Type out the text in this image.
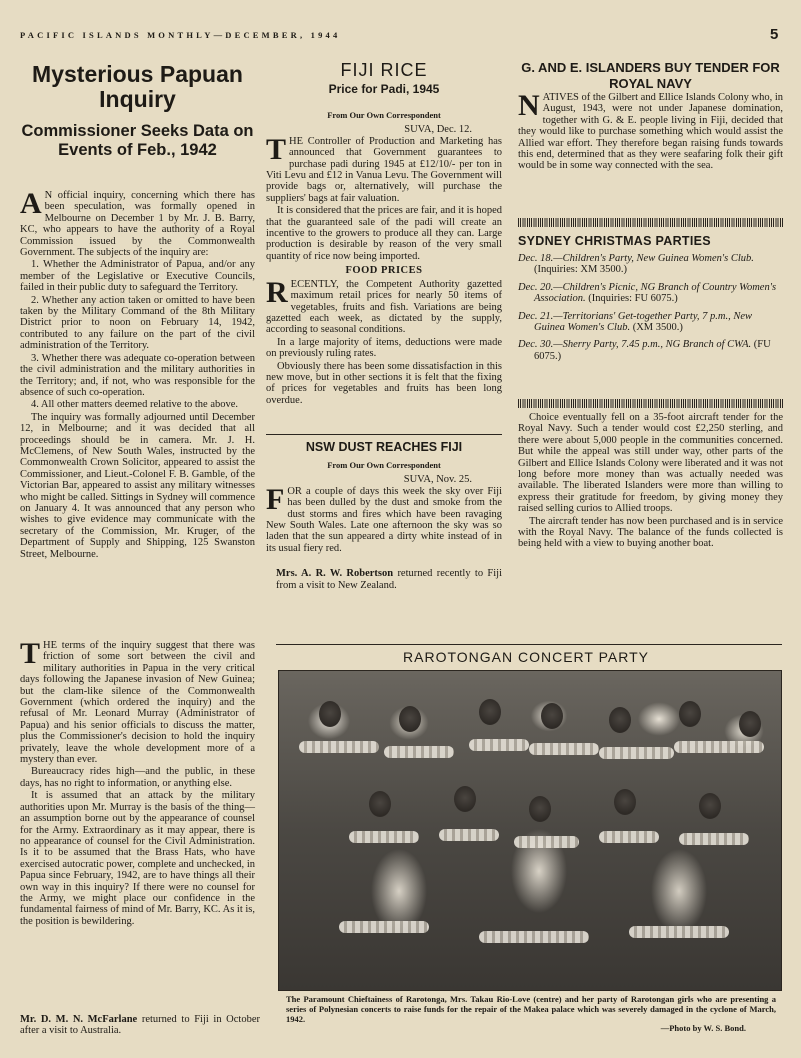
PACIFIC ISLANDS MONTHLY—DECEMBER, 1944	5
Mysterious Papuan Inquiry
Commissioner Seeks Data on Events of Feb., 1942

A N official inquiry, concerning which there has been speculation, was formally opened in Melbourne on December 1 by Mr. J. B. Barry, KC, who appears to have the authority of a Royal Commission issued by the Commonwealth Government. The subjects of the inquiry are:

1. Whether the Administrator of Papua, and/or any member of the Legislative or Executive Councils, failed in their public duty to safeguard the Territory.

2. Whether any action taken or omitted to have been taken by the Military Command of the 8th Military District prior to noon on February 14, 1942, contributed to any failure on the part of the civil administration of the Territory.

3. Whether there was adequate co-operation between the civil administration and the military authorities in the Territory; and, if not, who was responsible for the absence of such co-operation.

4. All other matters deemed relative to the above.

The inquiry was formally adjourned until December 12, in Melbourne; and it was decided that all proceedings should be in camera. Mr. J. H. McClemens, of New South Wales, instructed by the Commonwealth Crown Solicitor, appeared to assist the Commissioner, and Lieut.-Colonel F. B. Gamble, of the Victorian Bar, appeared to assist any military witnesses who might be called. Sittings in Sydney will commence on January 4. It was announced that any person who wishes to give evidence may communicate with the secretary of the Commission, Mr. Kruger, of the Department of Supply and Shipping, 125 Swanston Street, Melbourne.

THE terms of the inquiry suggest that there was friction of some sort between the civil and military authorities in Papua in the very critical days following the Japanese invasion of New Guinea; but the clam-like silence of the Commonwealth Government (which ordered the inquiry) and the refusal of Mr. Leonard Murray (Administrator of Papua) and his senior officials to discuss the matter, plus the Commissioner's decision to hold the inquiry privately, leave the whole development more of a mystery than ever.

Bureaucracy rides high—and the public, in these days, has no right to information, or anything else.

It is assumed that an attack by the military authorities upon Mr. Murray is the basis of the thing—an assumption borne out by the appearance of counsel for the Army. Extraordinary as it may appear, there is no appearance of counsel for the Civil Administration. Is it to be assumed that the Brass Hats, who have exercised autocratic power, complete and unchecked, in Papua since February, 1942, are to have things all their own way in this inquiry? If there were no counsel for the Army, we might place our confidence in the fundamental fairness of mind of Mr. Barry, KC. As it is, the position is bewildering.

Mr. D. M. N. McFarlane returned to Fiji in October after a visit to Australia.
FIJI RICE
Price for Padi, 1945
From Our Own Correspondent
SUVA, Dec. 12.

THE Controller of Production and Marketing has announced that Government guarantees to purchase padi during 1945 at £12/10/- per ton in Viti Levu and £12 in Vanua Levu. The Government will provide bags or, alternatively, will purchase the suppliers' bags at fair valuation.

It is considered that the prices are fair, and it is hoped that the guaranteed sale of the padi will create an incentive to the growers to produce all they can. Large production is desirable by reason of the very small quantity of rice now being imported.

FOOD PRICES

RECENTLY, the Competent Authority gazetted maximum retail prices for nearly 50 items of vegetables, fruits and fish. Variations are being gazetted each week, as dictated by the supply, according to seasonal conditions.

In a large majority of items, deductions were made on previously ruling rates.

Obviously there has been some dissatisfaction in this new move, but in other sections it is felt that the fixing of prices for vegetables and fruits has been long overdue.

NSW DUST REACHES FIJI
From Our Own Correspondent
SUVA, Nov. 25.

FOR a couple of days this week the sky over Fiji has been dulled by the dust and smoke from the dust storms and fires which have been ravaging New South Wales. Late one afternoon the sky was so laden that the sun appeared a dirty white instead of in its usual fiery red.

Mrs. A. R. W. Robertson returned recently to Fiji from a visit to New Zealand.

G. AND E. ISLANDERS BUY TENDER FOR ROYAL NAVY

NATIVES of the Gilbert and Ellice Islands Colony who, in August, 1943, were not under Japanese domination, together with G. & E. people living in Fiji, decided that they would like to purchase something which would assist the Allied war effort. They therefore began raising funds towards this end, determined that as they were seafaring folk their gift would be in some way connected with the sea.

SYDNEY CHRISTMAS PARTIES
Dec. 18.—Children's Party, New Guinea Women's Club. (Inquiries: XM 3500.)
Dec. 20.—Children's Picnic, NG Branch of Country Women's Association. (Inquiries: FU 6075.)
Dec. 21.—Territorians' Get-together Party, 7 p.m., New Guinea Women's Club. (XM 3500.)
Dec. 30.—Sherry Party, 7.45 p.m., NG Branch of CWA. (FU 6075.)

Choice eventually fell on a 35-foot aircraft tender for the Royal Navy. Such a tender would cost £2,250 sterling, and there were about 5,000 people in the communities concerned. But while the appeal was still under way, other parts of the Gilbert and Ellice Islands Colony were liberated and it was not long before more money than was actually needed was available. The liberated Islanders were more than willing to express their gratitude for freedom, by giving money they raised selling curios to Allied troops.

The aircraft tender has now been purchased and is in service with the Royal Navy. The balance of the funds collected is being held with a view to buying another boat.

RAROTONGAN CONCERT PARTY
The Paramount Chieftainess of Rarotonga, Mrs. Takau Rio-Love (centre) and her party of Rarotongan girls who are presenting a series of Polynesian concerts to raise funds for the repair of the Makea palace which was severely damaged in the cyclone of March, 1942.
—Photo by W. S. Bond.
